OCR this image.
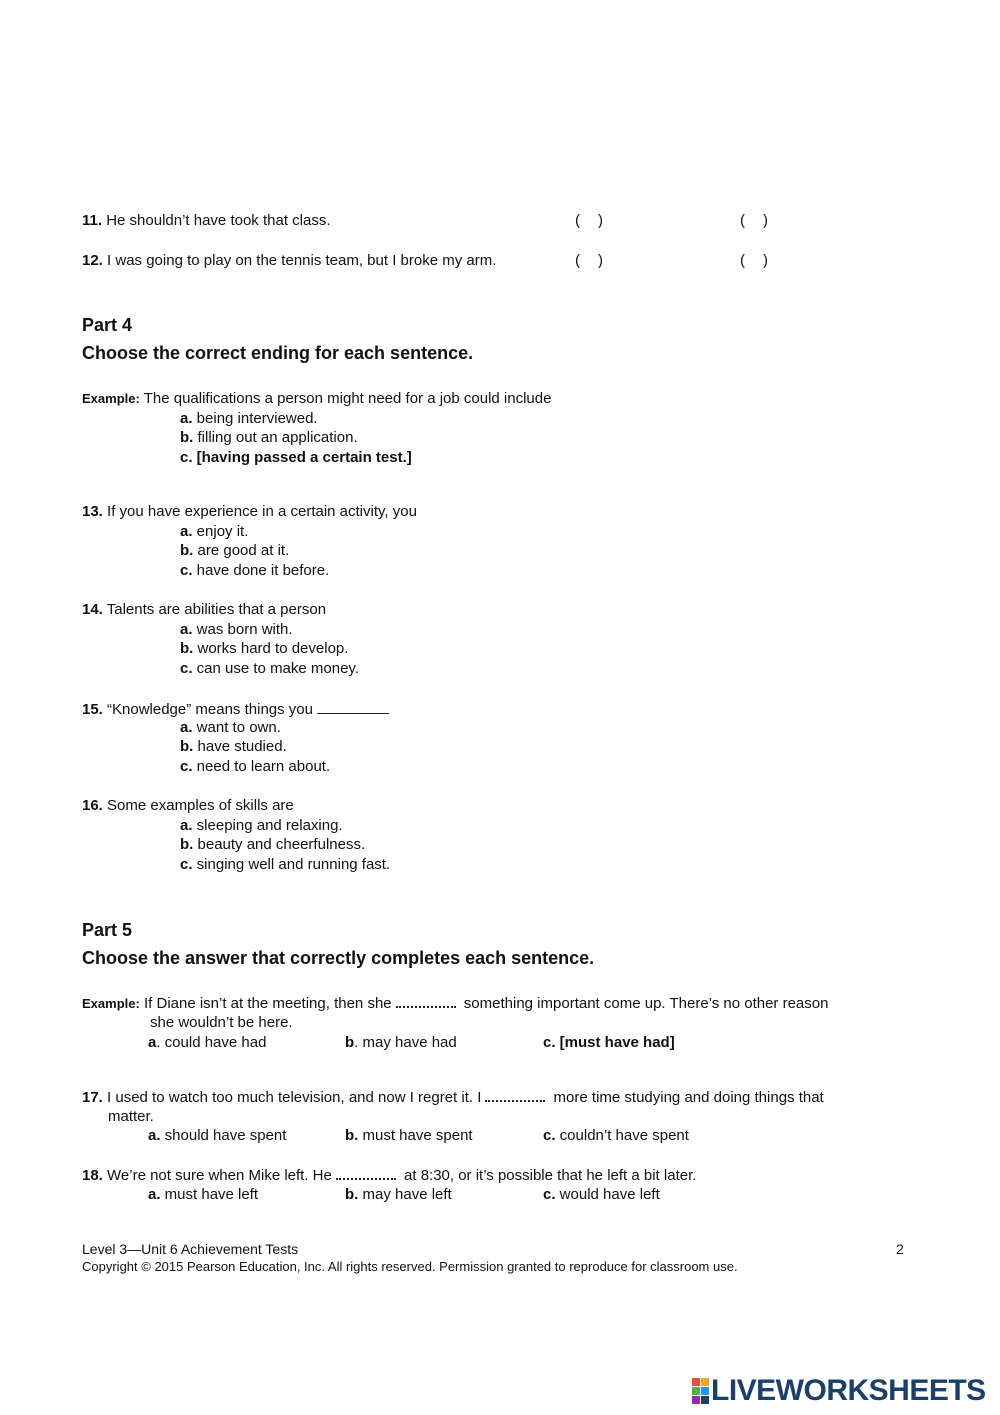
11. He shouldn’t have took that class.	( )	( )
12. I was going to play on the tennis team, but I broke my arm.	( )	( )
Part 4
Choose the correct ending for each sentence.
Example: The qualifications a person might need for a job could include
a. being interviewed.
b. filling out an application.
c. [having passed a certain test.]
13. If you have experience in a certain activity, you
a. enjoy it.
b. are good at it.
c. have done it before.
14. Talents are abilities that a person
a. was born with.
b. works hard to develop.
c. can use to make money.
15. “Knowledge” means things you
a. want to own.
b. have studied.
c. need to learn about.
16. Some examples of skills are
a. sleeping and relaxing.
b. beauty and cheerfulness.
c. singing well and running fast.
Part 5
Choose the answer that correctly completes each sentence.
Example: If Diane isn’t at the meeting, then she	something important come up. There’s no other reason
she wouldn’t be here.
a. could have had	b. may have had	c. [must have had]
17. I used to watch too much television, and now I regret it. I	more time studying and doing things that
matter.
a. should have spent	b. must have spent	c. couldn’t have spent
18. We’re not sure when Mike left. He	at 8:30, or it’s possible that he left a bit later.
a. must have left	b. may have left	c. would have left
Level 3—Unit 6 Achievement Tests	2
Copyright © 2015 Pearson Education, Inc. All rights reserved. Permission granted to reproduce for classroom use.
LIVEWORKSHEETS
